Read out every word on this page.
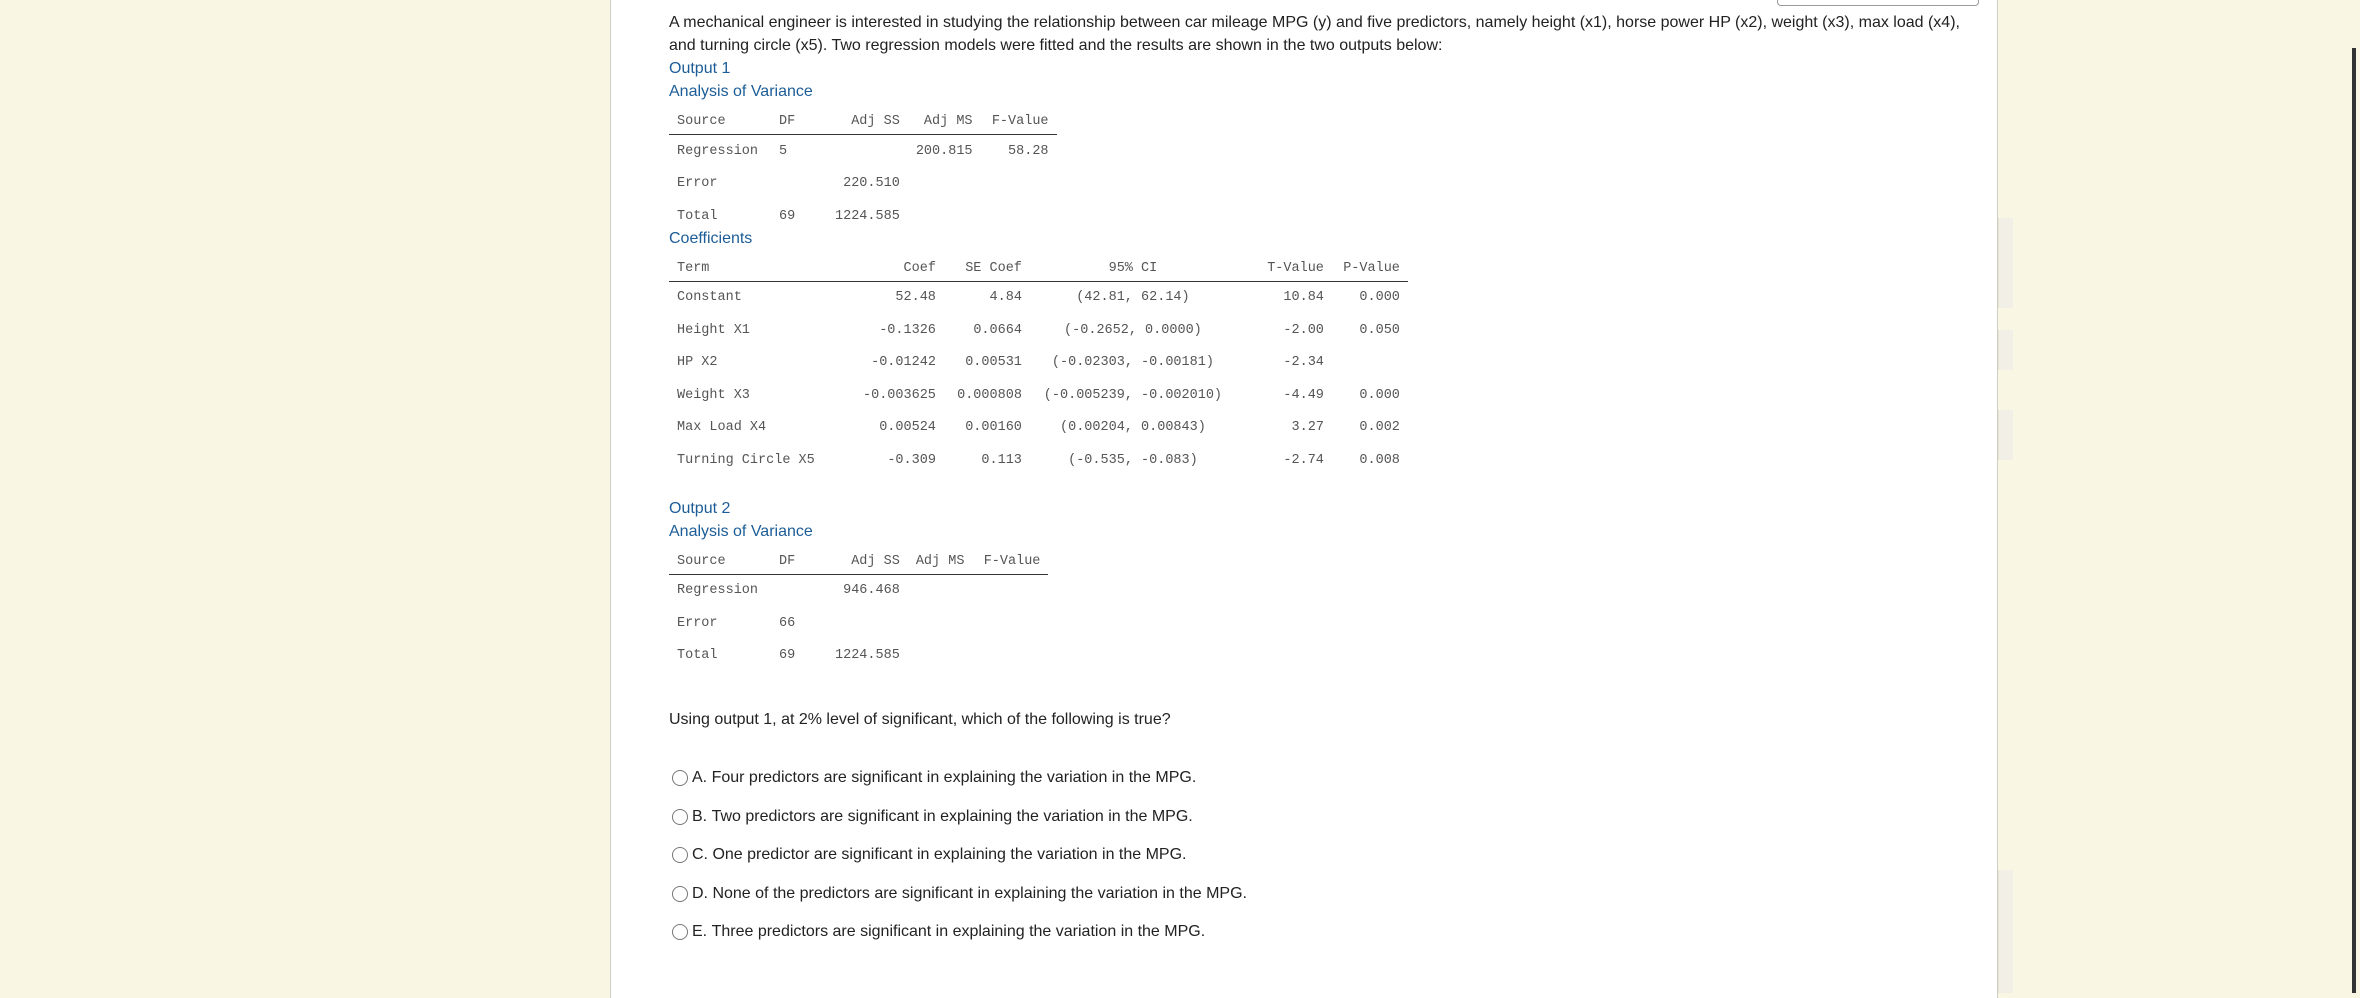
A mechanical engineer is interested in studying the relationship between car mileage MPG (y) and five predictors, namely height (x1), horse power HP (x2), weight (x3), max load (x4), and turning circle (x5). Two regression models were fitted and the results are shown in the two outputs below:
Output 1
Analysis of Variance
Source	DF	Adj SS	Adj MS	F-Value
Regression	5		200.815	58.28
Error		220.510		
Total	69	1224.585		
Coefficients
Term	Coef	SE Coef	95% CI	T-Value	P-Value
Constant	52.48	4.84	(42.81, 62.14)	10.84	0.000
Height X1	-0.1326	0.0664	(-0.2652, 0.0000)	-2.00	0.050
HP X2	-0.01242	0.00531	(-0.02303, -0.00181)	-2.34	
Weight X3	-0.003625	0.000808	(-0.005239, -0.002010)	-4.49	0.000
Max Load X4	0.00524	0.00160	(0.00204, 0.00843)	3.27	0.002
Turning Circle X5	-0.309	0.113	(-0.535, -0.083)	-2.74	0.008
Output 2
Analysis of Variance
Source	DF	Adj SS	Adj MS	F-Value
Regression		946.468		
Error	66			
Total	69	1224.585		
Using output 1, at 2% level of significant, which of the following is true?
A.
Four predictors are significant in explaining the variation in the MPG.
B.
Two predictors are significant in explaining the variation in the MPG.
C.
One predictor are significant in explaining the variation in the MPG.
D.
None of the predictors are significant in explaining the variation in the MPG.
E.
Three predictors are significant in explaining the variation in the MPG.
